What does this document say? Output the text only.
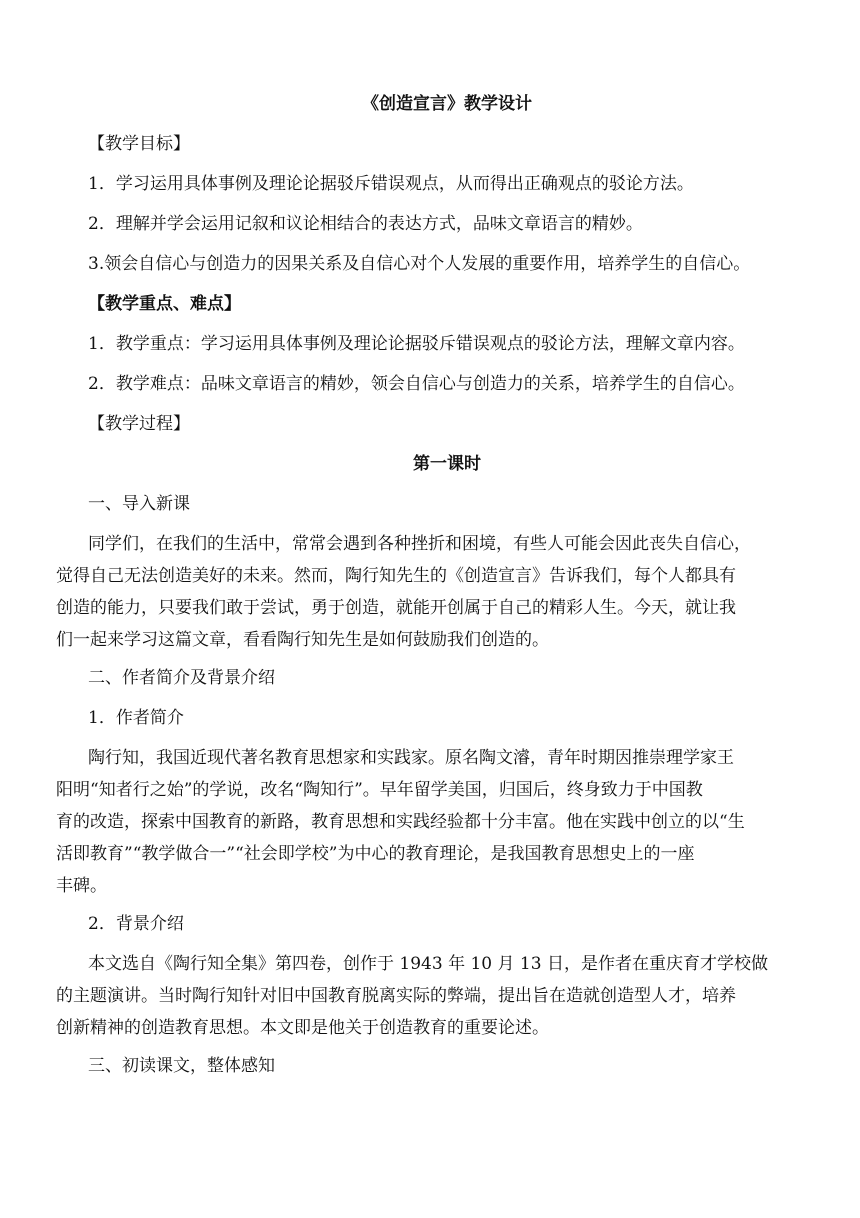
《创造宣言》教学设计
【教学目标】
1．学习运用具体事例及理论论据驳斥错误观点，从而得出正确观点的驳论方法。
2．理解并学会运用记叙和议论相结合的表达方式，品味文章语言的精妙。
3.领会自信心与创造力的因果关系及自信心对个人发展的重要作用，培养学生的自信心。
【教学重点、难点】
1．教学重点：学习运用具体事例及理论论据驳斥错误观点的驳论方法，理解文章内容。
2．教学难点：品味文章语言的精妙，领会自信心与创造力的关系，培养学生的自信心。
【教学过程】
第一课时
一、导入新课
同学们，在我们的生活中，常常会遇到各种挫折和困境，有些人可能会因此丧失自信心，
觉得自己无法创造美好的未来。然而，陶行知先生的《创造宣言》告诉我们，每个人都具有
创造的能力，只要我们敢于尝试，勇于创造，就能开创属于自己的精彩人生。今天，就让我
们一起来学习这篇文章，看看陶行知先生是如何鼓励我们创造的。
二、作者简介及背景介绍
1．作者简介
陶行知，我国近现代著名教育思想家和实践家。原名陶文濬，青年时期因推崇理学家王
阳明“知者行之始”的学说，改名“陶知行”。早年留学美国，归国后，终身致力于中国教
育的改造，探索中国教育的新路，教育思想和实践经验都十分丰富。他在实践中创立的以“生
活即教育”“教学做合一”“社会即学校”为中心的教育理论，是我国教育思想史上的一座
丰碑。
2．背景介绍
本文选自《陶行知全集》第四卷，创作于 1943 年 10 月 13 日，是作者在重庆育才学校做
的主题演讲。当时陶行知针对旧中国教育脱离实际的弊端，提出旨在造就创造型人才，培养
创新精神的创造教育思想。本文即是他关于创造教育的重要论述。
三、初读课文，整体感知
